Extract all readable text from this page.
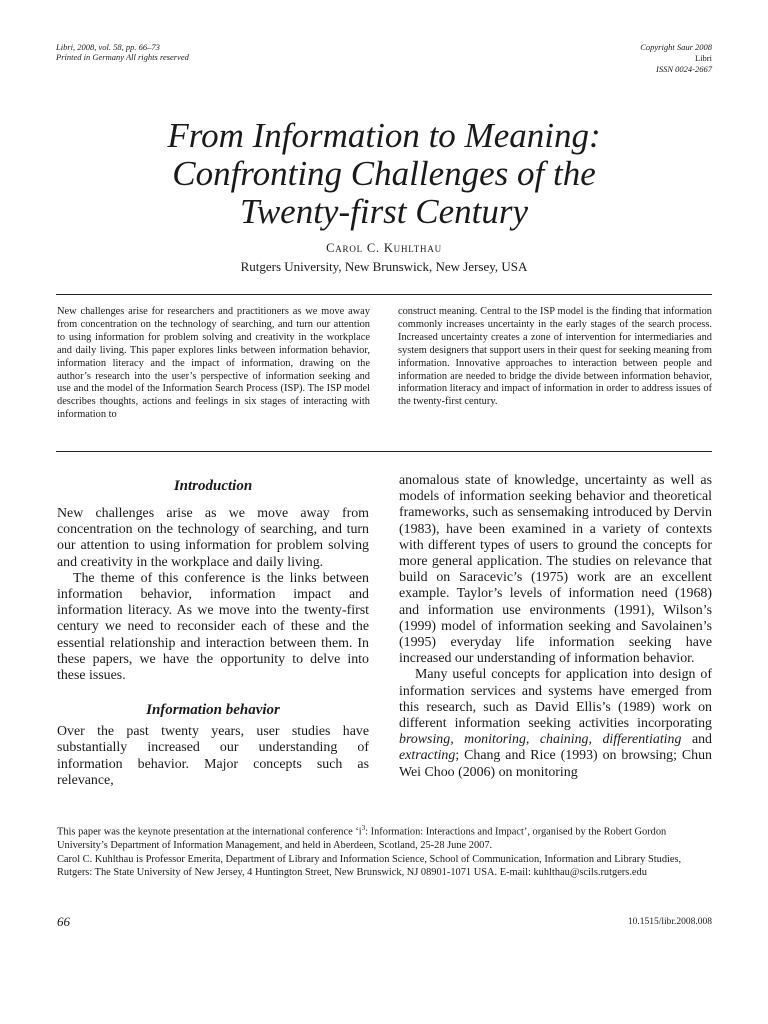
Libri, 2008, vol. 58, pp. 66–73
Printed in Germany All rights reserved
Copyright Saur 2008
Libri
ISSN 0024-2667
From Information to Meaning:
Confronting Challenges of the
Twenty-first Century
Carol C. Kuhlthau
Rutgers University, New Brunswick, New Jersey, USA

New challenges arise for researchers and practitioners as we move away from concentration on the technology of searching, and turn our attention to using information for problem solving and creativity in the workplace and daily living. This paper explores links between information behavior, information literacy and the impact of information, drawing on the author’s research into the user’s perspective of information seeking and use and the model of the Information Search Process (ISP). The ISP model describes thoughts, actions and feelings in six stages of interacting with information to

construct meaning. Central to the ISP model is the finding that information commonly increases uncertainty in the early stages of the search process. Increased uncertainty creates a zone of intervention for intermediaries and system designers that support users in their quest for seeking meaning from information. Innovative approaches to interaction between people and information are needed to bridge the divide between information behavior, information literacy and impact of information in order to address issues of the twenty-first century.

Introduction

New challenges arise as we move away from concentration on the technology of searching, and turn our attention to using information for problem solving and creativity in the workplace and daily living.

The theme of this conference is the links between information behavior, information impact and information literacy. As we move into the twenty-first century we need to reconsider each of these and the essential relationship and interaction between them. In these papers, we have the opportunity to delve into these issues.

Information behavior

Over the past twenty years, user studies have substantially increased our understanding of information behavior. Major concepts such as relevance,

anomalous state of knowledge, uncertainty as well as models of information seeking behavior and theoretical frameworks, such as sensemaking introduced by Dervin (1983), have been examined in a variety of contexts with different types of users to ground the concepts for more general application. The studies on relevance that build on Saracevic’s (1975) work are an excellent example. Taylor’s levels of information need (1968) and information use environments (1991), Wilson’s (1999) model of information seeking and Savolainen’s (1995) everyday life information seeking have increased our understanding of information behavior.

Many useful concepts for application into design of information services and systems have emerged from this research, such as David Ellis’s (1989) work on different information seeking activities incorporating browsing, monitoring, chaining, differentiating and extracting; Chang and Rice (1993) on browsing; Chun Wei Choo (2006) on monitoring

This paper was the keynote presentation at the international conference ‘$i^3$: Information: Interactions and Impact’, organised by the Robert Gordon University’s Department of Information Management, and held in Aberdeen, Scotland, 25-28 June 2007.

Carol C. Kuhlthau is Professor Emerita, Department of Library and Information Science, School of Communication, Information and Library Studies, Rutgers: The State University of New Jersey, 4 Huntington Street, New Brunswick, NJ 08901-1071 USA. E-mail: kuhlthau@scils.rutgers.edu

66	10.1515/libr.2008.008
